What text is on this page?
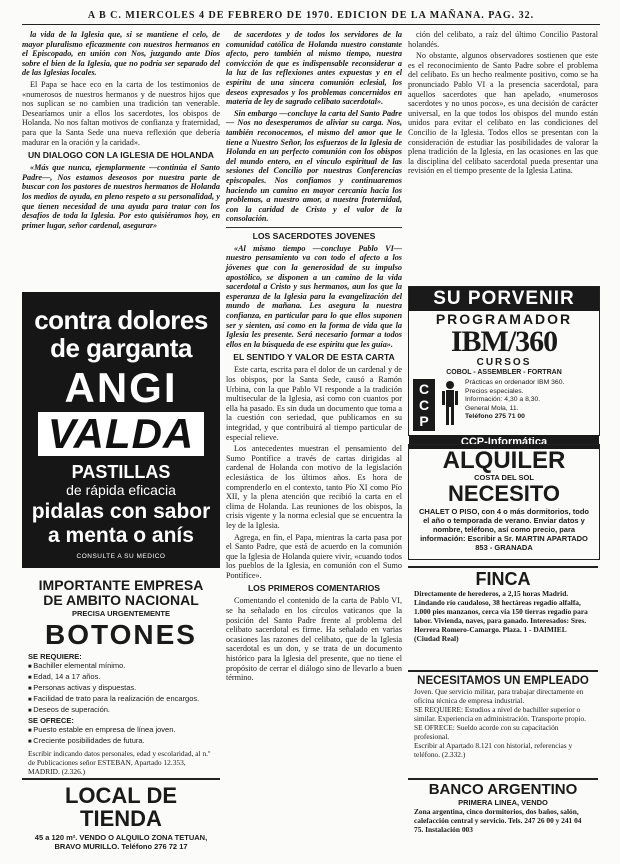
A B C. MIERCOLES 4 DE FEBRERO DE 1970. EDICION DE LA MAÑANA. PAG. 32.

la vida de la Iglesia que, si se mantiene el celo, de mayor pluralismo eficazmente con nuestros hermanos en el Episcopado, en unión con Nos, juzgando ante Dios sobre el bien de la Iglesia, que no podría ser separado del de las Iglesias locales.

El Papa se hace eco en la carta de los testimonios de «numerosos de nuestros hermanos y de nuestros hijos que nos suplican se no cambien una tradición tan venerable. Desearíamos unir a ellos los sacerdotes, los obispos de Holanda. No nos faltan motivos de confianza y fraternidad, para que la Santa Sede una nueva reflexión que debería madurar en la oración y la caridad».

UN DIALOGO CON LA IGLESIA DE HOLANDA

«Más que nunca, ejemplarmente —continúa el Santo Padre—, Nos estamos deseosos por nuestra parte de buscar con los pastores de nuestros hermanos de Holanda los medios de ayuda, en pleno respeto a su personalidad, y que tienen necesidad de una ayuda para tratar con los desafíos de toda la Iglesia. Por esto quisiéramos hoy, en primer lugar, señor cardenal, asegurar»

contra dolores
de garganta
ANGI
VALDA
PASTILLAS
de rápida eficacia
pidalas con sabor
a menta o anís
CONSULTE A SU MEDICO
IMPORTANTE EMPRESA
DE AMBITO NACIONAL
PRECISA URGENTEMENTE
BOTONES
SE REQUIERE:
■ Bachiller elemental mínimo.
■ Edad, 14 a 17 años.
■ Personas activas y dispuestas.
■ Facilidad de trato para la realización de encargos.
■ Deseos de superación.
SE OFRECE:
■ Puesto estable en empresa de línea joven.
■ Creciente posibilidades de futura.
Escribir indicando datos personales, edad y escolaridad, al n.º de Publicaciones señor ESTEBAN, Apartado 12.353, MADRID. (2.326.)
LOCAL DE TIENDA
45 a 120 m². VENDO O ALQUILO ZONA TETUAN, BRAVO MURILLO. Teléfono 276 72 17

de sacerdotes y de todos los servidores de la comunidad católica de Holanda nuestro constante afecto, pero también al mismo tiempo, nuestra convicción de que es indispensable reconsiderar a la luz de las reflexiones antes expuestas y en el espíritu de una sincera comunión eclesial, los deseos expresados y los problemas concernidos en materia de ley de sagrado celibato sacerdotal».

Sin embargo —concluye la carta del Santo Padre— Nos no desesperamos de aliviar su carga. Nos, también reconocemos, el mismo del amor que le tiene a Nuestro Señor, los esfuerzos de la Iglesia de Holanda en un perfecto comunión con los obispos del mundo entero, en el vínculo espiritual de las sesiones del Concilio por nuestras Conferencias episcopales. Nos confiamos y continuaremos haciendo un camino en mayor cercanía hacia los problemas, a nuestro amor, a nuestra fraternidad, con la caridad de Cristo y el valor de la consolación.

LOS SACERDOTES JOVENES

«Al mismo tiempo —concluye Pablo VI— nuestro pensamiento va con todo el afecto a los jóvenes que con la generosidad de su impulso apostólico, se disponen a un camino de la vida sacerdotal a Cristo y sus hermanos, aun los que la esperanza de la Iglesia para la evangelización del mundo de mañana. Les asegura la nuestra confianza, en particular para lo que ellos suponen ser y sienten, así como en la forma de vida que la Iglesia les presente. Será necesario formar a todos ellos en la búsqueda de ese espíritu que les guía».

EL SENTIDO Y VALOR DE ESTA CARTA

Este carta, escrita para el dolor de un cardenal y de los obispos, por la Santa Sede, causó a Ramón Urbina, con la que Pablo VI responde a la tradición multisecular de la Iglesia, así como con cuantos por ella ha pasado. Es sin duda un documento que toma a la cuestión con seriedad, que publicamos en su integridad, y que contribuirá al tiempo particular de especial relieve.

Los antecedentes muestran el pensamiento del Sumo Pontífice a través de cartas dirigidas al cardenal de Holanda con motivo de la legislación eclesiástica de los últimos años. Es hora de comprenderlo en el contexto, tanto Pío XI como Pío XII, y la plena atención que recibió la carta en el clima de Holanda. Las reuniones de los obispos, la crisis vigente y la norma eclesial que se encuentra la ley de la Iglesia.

Agrega, en fin, el Papa, mientras la carta pasa por el Santo Padre, que está de acuerdo en la comunión que la Iglesia de Holanda quiere vivir, «cuando todos los pueblos de la Iglesia, en comunión con el Sumo Pontífice».

LOS PRIMEROS COMENTARIOS

Comentando el contenido de la carta de Pablo VI, se ha señalado en los círculos vaticanos que la posición del Santo Padre frente al problema del celibato sacerdotal es firme. Ha señalado en varias ocasiones las razones del celibato, que de la Iglesia sacerdotal es un don, y se trata de un documento histórico para la Iglesia del presente, que no tiene el propósito de cerrar el diálogo sino de llevarlo a buen término.

ción del celibato, a raíz del último Concilio Pastoral holandés.

No obstante, algunos observadores sostienen que este es el reconocimiento de Santo Padre sobre el problema del celibato. Es un hecho realmente positivo, como se ha pronunciado Pablo VI a la presencia sacerdotal, para aquellos sacerdotes que han apelado, «numerosos sacerdotes y no unos pocos», es una decisión de carácter universal, en la que todos los obispos del mundo están unidos para evitar el celibato en las condiciones del Concilio de la Iglesia. Todos ellos se presentan con la consideración de estudiar las posibilidades de valorar la plena tradición de la Iglesia, en las ocasiones en las que la disciplina del celibato sacerdotal pueda presentar una revisión en el tiempo presente de la Iglesia Latina.

SU PORVENIR
PROGRAMADOR
IBM/360
CURSOS
COBOL - ASSEMBLER - FORTRAN
C
C
P
Prácticas en ordenador IBM 360.
Precios especiales.
Información: 4,30 a 8,30.
General Mola, 11.
Teléfono 275 71 00
CCP-Informática
ALQUILER
COSTA DEL SOL
NECESITO
CHALET O PISO, con 4 o más dormitorios, todo el año o temporada de verano. Enviar datos y nombre, teléfono, así como precio, para información: Escribir a Sr. MARTIN APARTADO 853 - GRANADA
FINCA
Directamente de herederos, a 2,15 horas Madrid. Lindando río caudaloso, 38 hectáreas regadío alfalfa, 1.000 pies manzanos, cerca vía 150 tierras regadío para labor. Vivienda, naves, para ganado. Interesados: Sres. Herrera Romero-Camargo. Plaza. 1 - DAIMIEL (Ciudad Real)
NECESITAMOS UN EMPLEADO
Joven. Que servicio militar, para trabajar directamente en oficina técnica de empresa industrial.
SE REQUIERE: Estudios a nivel de bachiller superior o similar. Experiencia en administración. Transporte propio.
SE OFRECE: Sueldo acorde con su capacitación profesional.
Escribir al Apartado 8.121 con historial, referencias y teléfono. (2.332.)
BANCO ARGENTINO
PRIMERA LINEA, VENDO
Zona argentina, cinco dormitorios, dos baños, salón, calefacción central y servicio. Tels. 247 26 00 y 241 04 75. Instalación 003
